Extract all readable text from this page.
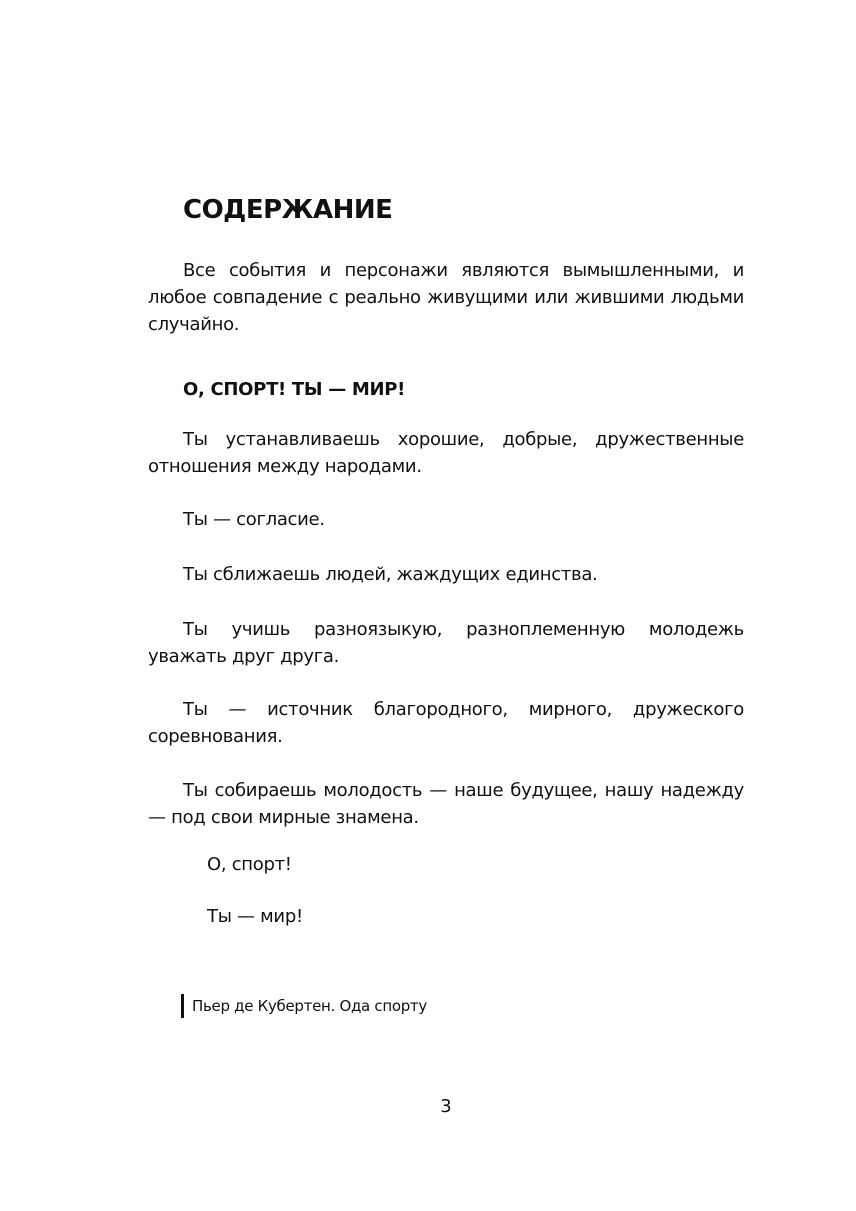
СОДЕРЖАНИЕ

Все события и персонажи являются вымышленными, и любое совпадение с реально живущими или жившими людьми случайно.

О, СПОРТ! ТЫ — МИР!

Ты устанавливаешь хорошие, добрые, дружественные отношения между народами.

Ты — согласие.

Ты сближаешь людей, жаждущих единства.

Ты учишь разноязыкую, разноплеменную молодежь уважать друг друга.

Ты — источник благородного, мирного, дружеского соревнования.

Ты собираешь молодость — наше будущее, нашу надежду — под свои мирные знамена.

О, спорт!

Ты — мир!

Пьер де Кубертен. Ода спорту
3
